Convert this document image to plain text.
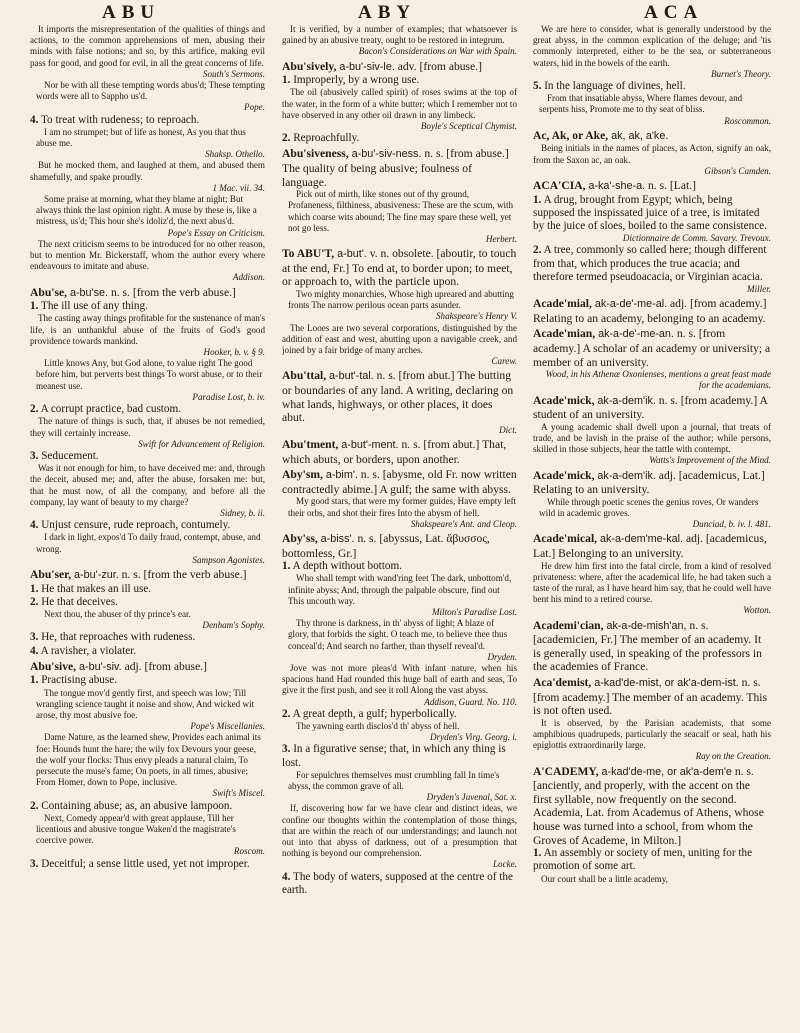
ABU	ABY	ACA
It imports the misrepresentation of the qualities of things and actions, to the common apprehensions of men, abusing their minds with false notions; and so, by this artifice, making evil pass for good, and good for evil, in all the great concerns of life.
South's Sermons.
Nor be with all these tempting words abus'd; These tempting words were all to Sappho us'd.
Pope.
4. To treat with rudeness; to reproach.
I am no strumpet; but of life as honest, As you that thus abuse me.
Shaksp. Othello.
But he mocked them, and laughed at them, and abused them shamefully, and spake proudly.
1 Mac. vii. 34.
Some praise at morning, what they blame at night; But always think the last opinion right. A muse by these is, like a mistress, us'd; This hour she's idoliz'd, the next abus'd.
Pope's Essay on Criticism.
The next criticism seems to be introduced for no other reason, but to mention Mr. Bickerstaff, whom the author every where endeavours to imitate and abuse.
Addison.
Abu'se, a-bu'se. n. s. [from the verb abuse.]
1. The ill use of any thing.
The casting away things profitable for the sustenance of man's life, is an unthankful abuse of the fruits of God's good providence towards mankind.
Hooker, b. v. § 9.
Little knows Any, but God alone, to value right The good before him, but perverts best things To worst abuse, or to their meanest use.
Paradise Lost, b. iv.
2. A corrupt practice, bad custom.
The nature of things is such, that, if abuses be not remedied, they will certainly increase.
Swift for Advancement of Religion.
3. Seducement.
Was it not enough for him, to have deceived me: and, through the deceit, abused me; and, after the abuse, forsaken me: but, that he must now, of all the company, and before all the company, lay want of beauty to my charge?
Sidney, b. ii.
4. Unjust censure, rude reproach, contumely.
I dark in light, expos'd To daily fraud, contempt, abuse, and wrong.
Sampson Agonistes.
Abu'ser, a-bu'-zur. n. s. [from the verb abuse.]
1. He that makes an ill use.
2. He that deceives.
Next thou, the abuser of thy prince's ear.
Denham's Sophy.
3. He, that reproaches with rudeness.
4. A ravisher, a violater.
Abu'sive, a-bu'-siv. adj. [from abuse.]
1. Practising abuse.
The tongue mov'd gently first, and speech was low; Till wrangling science taught it noise and show, And wicked wit arose, thy most abusive foe.
Pope's Miscellanies.
Dame Nature, as the learned shew, Provides each animal its foe: Hounds hunt the hare; the wily fox Devours your geese, the wolf your flocks: Thus envy pleads a natural claim, To persecute the muse's fame; On poets, in all times, abusive; From Homer, down to Pope, inclusive.
Swift's Miscel.
2. Containing abuse; as, an abusive lampoon.
Next, Comedy appear'd with great applause, Till her licentious and abusive tongue Waken'd the magistrate's coercive power.
Roscom.
3. Deceitful; a sense little used, yet not improper.
It is verified, by a number of examples; that whatsoever is gained by an abusive treaty, ought to be restored in integrum.
Bacon's Considerations on War with Spain.
Abu'sively, a-bu'-siv-le. adv. [from abuse.]
1. Improperly, by a wrong use.
The oil (abusively called spirit) of roses swims at the top of the water, in the form of a white butter; which I remember not to have observed in any other oil drawn in any limbeck.
Boyle's Sceptical Chymist.
2. Reproachfully.
Abu'siveness, a-bu'-siv-ness. n. s. [from abuse.] The quality of being abusive; foulness of language.
Pick out of mirth, like stones out of thy ground, Profaneness, filthiness, abusiveness: These are the scum, with which coarse wits abound; The fine may spare these well, yet not go less.
Herbert.
To ABU'T, a-but'. v. n. obsolete. [aboutir, to touch at the end, Fr.] To end at, to border upon; to meet, or approach to, with the particle upon.
Two mighty monarchies, Whose high upreared and abutting fronts The narrow perilous ocean parts asunder.
Shakspeare's Henry V.
The Looes are two several corporations, distinguished by the addition of east and west, abutting upon a navigable creek, and joined by a fair bridge of many arches.
Carew.
Abu'ttal, a-but'-tal. n. s. [from abut.] The butting or boundaries of any land. A writing, declaring on what lands, highways, or other places, it does abut.
Dict.
Abu'tment, a-but'-ment. n. s. [from abut.] That, which abuts, or borders, upon another.
Aby'sm, a-bim'. n. s. [abysme, old Fr. now written contractedly abime.] A gulf; the same with abyss.
My good stars, that were my former guides, Have empty left their orbs, and shot their fires Into the abysm of hell.
Shakspeare's Ant. and Cleop.
Aby'ss, a-biss'. n. s. [abyssus, Lat. ἄβυσσος, bottomless, Gr.]
1. A depth without bottom.
Who shall tempt with wand'ring feet The dark, unbottom'd, infinite abyss; And, through the palpable obscure, find out This uncouth way.
Milton's Paradise Lost.
Thy throne is darkness, in th' abyss of light; A blaze of glory, that forbids the sight. O teach me, to believe thee thus conceal'd; And search no farther, than thyself reveal'd.
Dryden.
Jove was not more pleas'd With infant nature, when his spacious hand Had rounded this huge ball of earth and seas, To give it the first push, and see it roll Along the vast abyss.
Addison, Guard. No. 110.
2. A great depth, a gulf; hyperbolically.
The yawning earth disclos'd th' abyss of hell.
Dryden's Virg. Georg. i.
3. In a figurative sense; that, in which any thing is lost.
For sepulchres themselves must crumbling fall In time's abyss, the common grave of all.
Dryden's Juvenal, Sat. x.
If, discovering how far we have clear and distinct ideas, we confine our thoughts within the contemplation of those things, that are within the reach of our understandings; and launch not out into that abyss of darkness, out of a presumption that nothing is beyond our comprehension.
Locke.
4. The body of waters, supposed at the centre of the earth.
We are here to consider, what is generally understood by the great abyss, in the common explication of the deluge; and 'tis commonly interpreted, either to be the sea, or subterraneous waters, hid in the bowels of the earth.
Burnet's Theory.
5. In the language of divines, hell.
From that insatiable abyss, Where flames devour, and serpents hiss, Promote me to thy seat of bliss.
Roscommon.
Ac, Ak, or Ake, ak, ak, a'ke.
Being initials in the names of places, as Acton, signify an oak, from the Saxon ac, an oak.
Gibson's Camden.
ACA'CIA, a-ka'-she-a. n. s. [Lat.]
1. A drug, brought from Egypt; which, being supposed the inspissated juice of a tree, is imitated by the juice of sloes, boiled to the same consistence.
Dictionnaire de Comm. Savary. Trevoux.
2. A tree, commonly so called here; though different from that, which produces the true acacia; and therefore termed pseudoacacia, or Virginian acacia.
Miller.
Acade'mial, ak-a-de'-me-al. adj. [from academy.] Relating to an academy, belonging to an academy.
Acade'mian, ak-a-de'-me-an. n. s. [from academy.] A scholar of an academy or university; a member of an university.
Wood, in his Athenæ Oxonienses, mentions a great feast made for the academians.
Acade'mick, ak-a-dem'ik. n. s. [from academy.] A student of an university.
A young academic shall dwell upon a journal, that treats of trade, and be lavish in the praise of the author; while persons, skilled in those subjects, hear the tattle with contempt.
Watts's Improvement of the Mind.
Acade'mick, ak-a-dem'ik. adj. [academicus, Lat.] Relating to an university.
While through poetic scenes the genius roves, Or wanders wild in academic groves.
Dunciad, b. iv. l. 481.
Acade'mical, ak-a-dem'me-kal. adj. [academicus, Lat.] Belonging to an university.
He drew him first into the fatal circle, from a kind of resolved privateness: where, after the academical life, he had taken such a taste of the rural, as I have heard him say, that he could well have bent his mind to a retired course.
Wotton.
Academi'cian, ak-a-de-mish'an, n. s. [academicien, Fr.] The member of an academy. It is generally used, in speaking of the professors in the academies of France.
Aca'demist, a-kad'de-mist, or ak'a-dem-ist. n. s. [from academy.] The member of an academy. This is not often used.
It is observed, by the Parisian academists, that some amphibious quadrupeds, particularly the seacalf or seal, hath his epiglottis extraordinarily large.
Ray on the Creation.
A'CADEMY, a-kad'de-me, or ak'a-dem'e n. s. [anciently, and properly, with the accent on the first syllable, now frequently on the second. Academia, Lat. from Academus of Athens, whose house was turned into a school, from whom the Groves of Academe, in Milton.]
1. An assembly or society of men, uniting for the promotion of some art.
Our court shall be a little academy,
